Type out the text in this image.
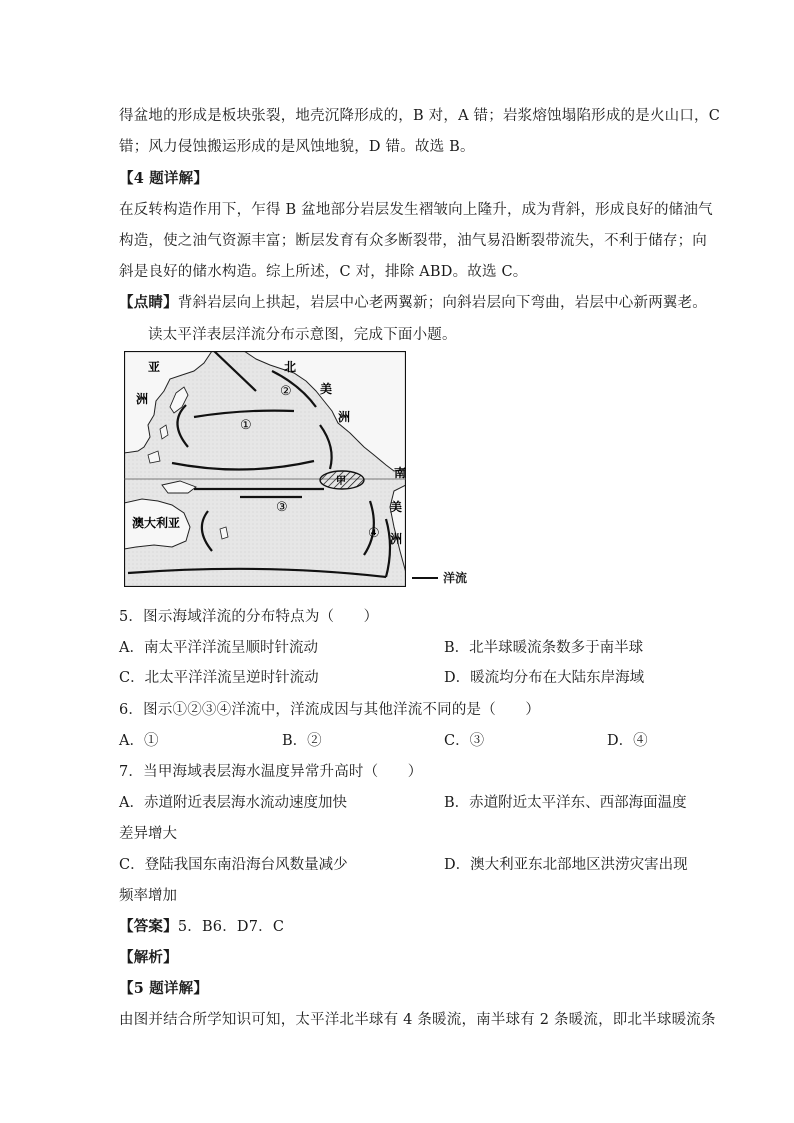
得盆地的形成是板块张裂，地壳沉降形成的，B 对，A 错；岩浆熔蚀塌陷形成的是火山口，C
错；风力侵蚀搬运形成的是风蚀地貌，D 错。故选 B。
【4 题详解】
在反转构造作用下，乍得 B 盆地部分岩层发生褶皱向上隆升，成为背斜，形成良好的储油气
构造，使之油气资源丰富；断层发育有众多断裂带，油气易沿断裂带流失，不利于储存；向
斜是良好的储水构造。综上所述，C 对，排除 ABD。故选 C。
【点睛】背斜岩层向上拱起，岩层中心老两翼新；向斜岩层向下弯曲，岩层中心新两翼老。
读太平洋表层洋流分布示意图，完成下面小题。
亚
洲
北
美
洲
南
美
洲
澳大利亚
甲
①
②
③
④
洋流
5．图示海域洋流的分布特点为（　　）
A．南太平洋洋流呈顺时针流动	B．北半球暖流条数多于南半球
C．北太平洋洋流呈逆时针流动	D．暖流均分布在大陆东岸海域
6．图示①②③④洋流中，洋流成因与其他洋流不同的是（　　）
A．①	B．②	C．③	D．④
7．当甲海域表层海水温度异常升高时（　　）
A．赤道附近表层海水流动速度加快	B．赤道附近太平洋东、西部海面温度
差异增大
C．登陆我国东南沿海台风数量减少	D．澳大利亚东北部地区洪涝灾害出现
频率增加
【答案】5．B6．D7．C
【解析】
【5 题详解】
由图并结合所学知识可知，太平洋北半球有 4 条暖流，南半球有 2 条暖流，即北半球暖流条
